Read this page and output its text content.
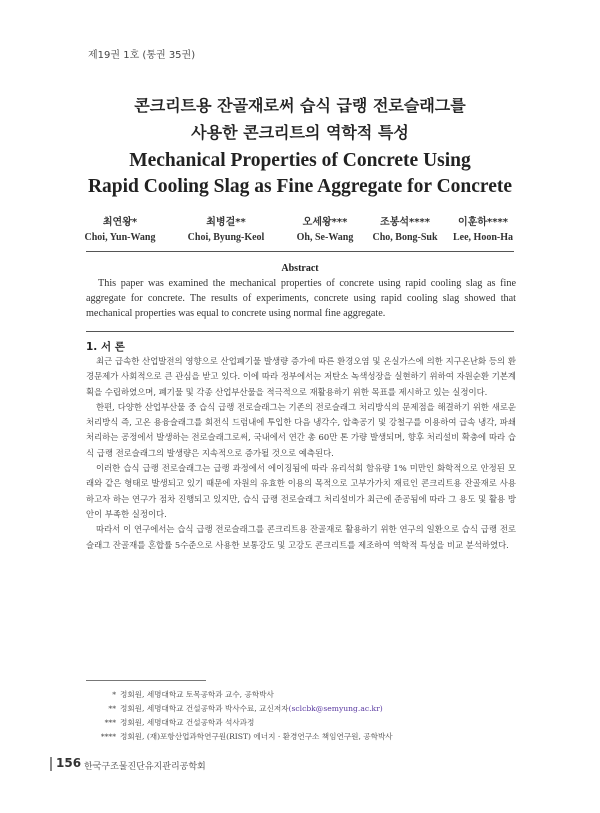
제19권 1호 (통권 35권)
콘크리트용 잔골재로써 습식 급랭 전로슬래그를
사용한 콘크리트의 역학적 특성
Mechanical Properties of Concrete Using
Rapid Cooling Slag as Fine Aggregate for Concrete
최연왕*
Choi, Yun-Wang
최병걸**
Choi, Byung-Keol
오세왕***
Oh, Se-Wang
조봉석****
Cho, Bong-Suk
이훈하****
Lee, Hoon-Ha
Abstract
This paper was examined the mechanical properties of concrete using rapid cooling slag as fine aggregate for concrete. The results of experiments, concrete using rapid cooling slag showed that mechanical properties was equal to concrete using normal fine aggregate.
1. 서 론

최근 급속한 산업발전의 영향으로 산업폐기물 발생량 증가에 따른 환경오염 및 온실가스에 의한 지구온난화 등의 환경문제가 사회적으로 큰 관심을 받고 있다. 이에 따라 정부에서는 저탄소 녹색성장을 실현하기 위하여 자원순환 기본계획을 수립하였으며, 폐기물 및 각종 산업부산물을 적극적으로 재활용하기 위한 목표를 제시하고 있는 실정이다.

한편, 다양한 산업부산물 중 습식 급랭 전로슬래그는 기존의 전로슬래그 처리방식의 문제점을 해결하기 위한 새로운 처리방식 즉, 고온 용융슬래그를 회전식 드럼내에 투입한 다음 냉각수, 압축공기 및 강철구를 이용하여 급속 냉각, 파쇄 처리하는 공정에서 발생하는 전로슬래그로써, 국내에서 연간 총 60만 톤 가량 발생되며, 향후 처리설비 확충에 따라 습식 급랭 전로슬래그의 발생량은 지속적으로 증가될 것으로 예측된다.

이러한 습식 급랭 전로슬래그는 급랭 과정에서 에이징됨에 따라 유리석회 함유량 1% 미만인 화학적으로 안정된 모래와 같은 형태로 발생되고 있기 때문에 자원의 유효한 이용의 목적으로 고부가가치 재료인 콘크리트용 잔골재로 사용하고자 하는 연구가 점차 진행되고 있지만, 습식 급랭 전로슬래그 처리설비가 최근에 준공됨에 따라 그 용도 및 활용 방안이 부족한 실정이다.

따라서 이 연구에서는 습식 급랭 전로슬래그를 콘크리트용 잔골재로 활용하기 위한 연구의 일환으로 습식 급랭 전로슬래그 잔골재를 혼합률 5수준으로 사용한 보통강도 및 고강도 콘크리트를 제조하여 역학적 특성을 비교 분석하였다.

* 정회원, 세명대학교 토목공학과 교수, 공학박사
** 정회원, 세명대학교 건설공학과 박사수료, 교신저자(sclcbk@semyung.ac.kr)
*** 정회원, 세명대학교 건설공학과 석사과정
**** 정회원, (재)포항산업과학연구원(RIST) 에너지 · 환경연구소 책임연구원, 공학박사
156 한국구조물진단유지관리공학회
